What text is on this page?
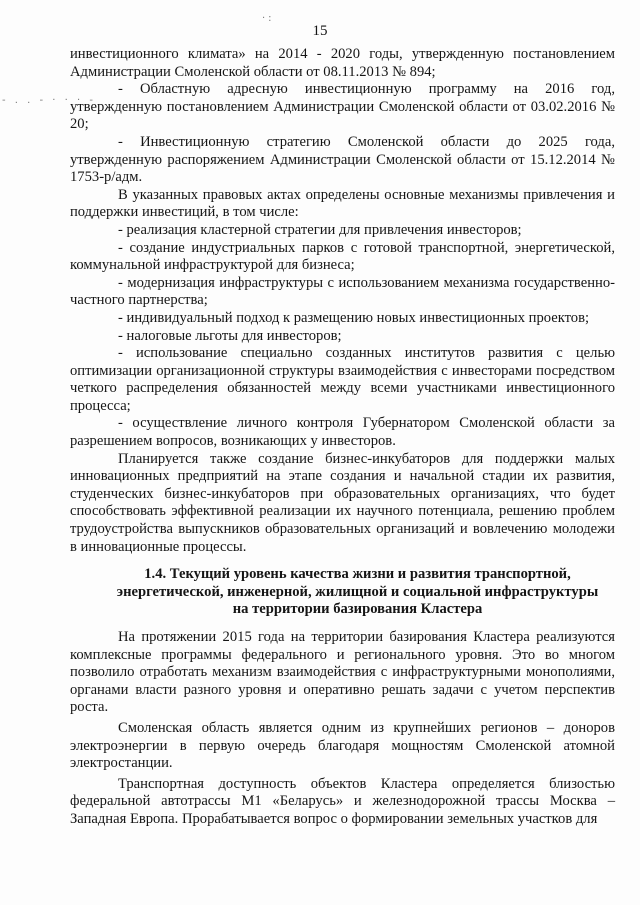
·:
- . . - · · · -
15

инвестиционного климата» на 2014 - 2020 годы, утвержденную постановлением Администрации Смоленской области от 08.11.2013 № 894;

- Областную адресную инвестиционную программу на 2016 год, утвержденную постановлением Администрации Смоленской области от 03.02.2016 № 20;

- Инвестиционную стратегию Смоленской области до 2025 года, утвержденную распоряжением Администрации Смоленской области от 15.12.2014 № 1753-р/адм.

В указанных правовых актах определены основные механизмы привлечения и поддержки инвестиций, в том числе:

- реализация кластерной стратегии для привлечения инвесторов;

- создание индустриальных парков с готовой транспортной, энергетической, коммунальной инфраструктурой для бизнеса;

- модернизация инфраструктуры с использованием механизма государственно-частного партнерства;

- индивидуальный подход к размещению новых инвестиционных проектов;

- налоговые льготы для инвесторов;

- использование специально созданных институтов развития с целью оптимизации организационной структуры взаимодействия с инвесторами посредством четкого распределения обязанностей между всеми участниками инвестиционного процесса;

- осуществление личного контроля Губернатором Смоленской области за разрешением вопросов, возникающих у инвесторов.

Планируется также создание бизнес-инкубаторов для поддержки малых инновационных предприятий на этапе создания и начальной стадии их развития, студенческих бизнес-инкубаторов при образовательных организациях, что будет способствовать эффективной реализации их научного потенциала, решению проблем трудоустройства выпускников образовательных организаций и вовлечению молодежи в инновационные процессы.

1.4. Текущий уровень качества жизни и развития транспортной, энергетической, инженерной, жилищной и социальной инфраструктуры на территории базирования Кластера

На протяжении 2015 года на территории базирования Кластера реализуются комплексные программы федерального и регионального уровня. Это во многом позволило отработать механизм взаимодействия с инфраструктурными монополиями, органами власти разного уровня и оперативно решать задачи с учетом перспектив роста.

Смоленская область является одним из крупнейших регионов – доноров электроэнергии в первую очередь благодаря мощностям Смоленской атомной электростанции.

Транспортная доступность объектов Кластера определяется близостью федеральной автотрассы М1 «Беларусь» и железнодорожной трассы Москва – Западная Европа. Прорабатывается вопрос о формировании земельных участков для
